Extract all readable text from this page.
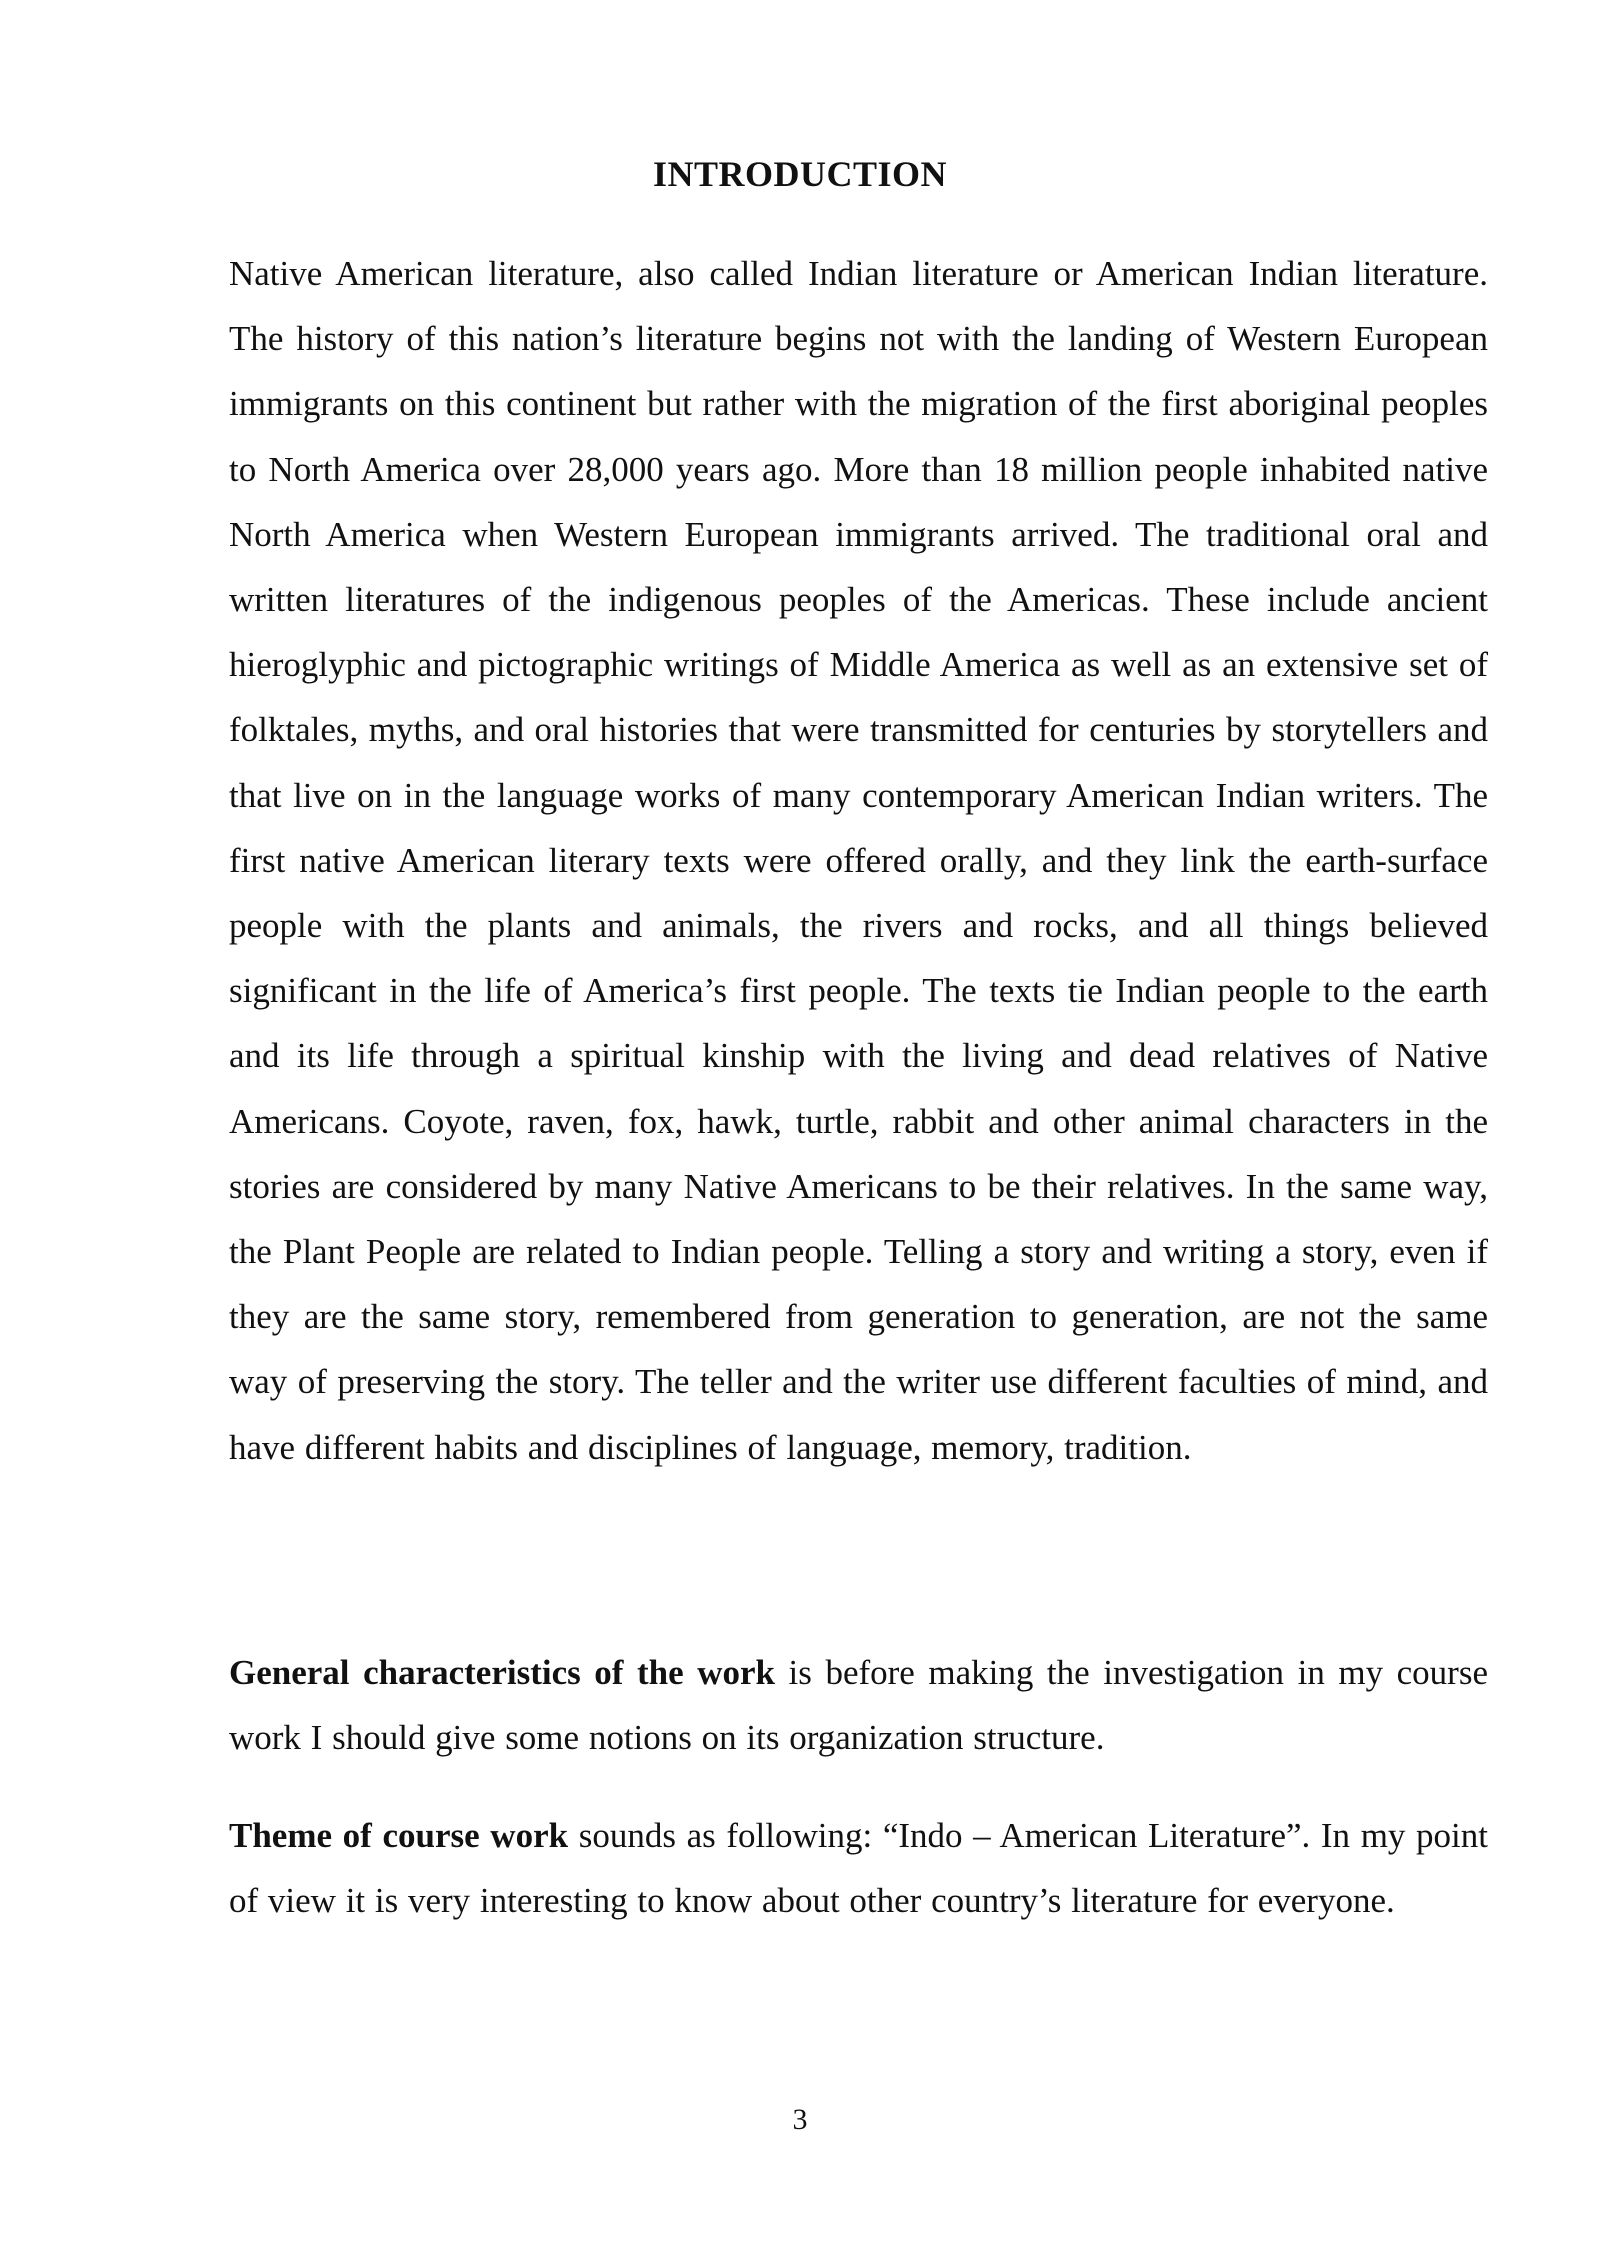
INTRODUCTION

Native American literature, also called Indian literature or American Indian literature. The history of this nation’s literature begins not with the landing of Western European immigrants on this continent but rather with the migration of the first aboriginal peoples to North America over 28,000 years ago. More than 18 million people inhabited native North America when Western European immigrants arrived. The traditional oral and written literatures of the indigenous peoples of the Americas. These include ancient hieroglyphic and pictographic writings of Middle America as well as an extensive set of folktales, myths, and oral histories that were transmitted for centuries by storytellers and that live on in the language works of many contemporary American Indian writers. The first native American literary texts were offered orally, and they link the earth-surface people with the plants and animals, the rivers and rocks, and all things believed significant in the life of America’s first people. The texts tie Indian people to the earth and its life through a spiritual kinship with the living and dead relatives of Native Americans. Coyote, raven, fox, hawk, turtle, rabbit and other animal characters in the stories are considered by many Native Americans to be their relatives. In the same way, the Plant People are related to Indian people. Telling a story and writing a story, even if they are the same story, remembered from generation to generation, are not the same way of preserving the story. The teller and the writer use different faculties of mind, and have different habits and disciplines of language, memory, tradition.

General characteristics of the work is before making the investigation in my course work I should give some notions on its organization structure.

Theme of course work sounds as following: “Indo – American Literature”. In my point of view it is very interesting to know about other country’s literature for everyone.

3
